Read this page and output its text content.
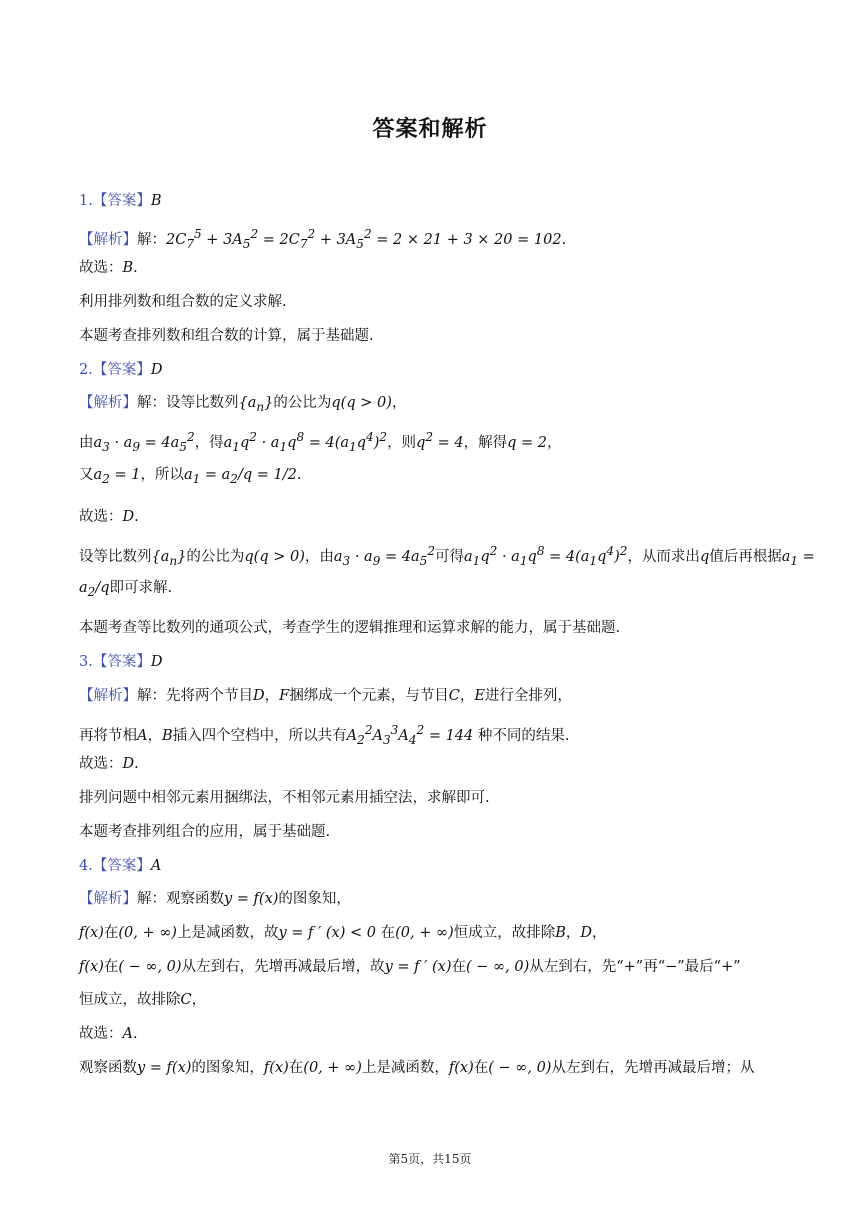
答案和解析
1.【答案】B
【解析】解：$2C_7^5 + 3A_5^2 = 2C_7^2 + 3A_5^2 = 2 \times 21 + 3 \times 20 = 102$.
故选：B.
利用排列数和组合数的定义求解.
本题考查排列数和组合数的计算，属于基础题.
2.【答案】D
【解析】解：设等比数列$\{a_n\}$的公比为q(q > 0)，
由$a_3 \cdot a_9 = 4a_5^2$，得$a_1q^2 \cdot a_1q^8 = 4(a_1q^4)^2$，则$q^2 = 4$，解得q = 2，
又$a_2 = 1$，所以$a_1 = a_2/q = 1/2$.
故选：D.
设等比数列$\{a_n\}$的公比为q(q > 0)，由$a_3 \cdot a_9 = 4a_5^2$可得$a_1q^2 \cdot a_1q^8 = 4(a_1q^4)^2$，从而求出q值后再根据$a_1$ =
$a_2/q$即可求解.
本题考查等比数列的通项公式，考查学生的逻辑推理和运算求解的能力，属于基础题.
3.【答案】D
【解析】解：先将两个节目D，F捆绑成一个元素，与节目C，E进行全排列，
再将节相A，B插入四个空档中，所以共有$A_2^2A_3^3A_4^2 = 144$ 种不同的结果.
故选：D.
排列问题中相邻元素用捆绑法，不相邻元素用插空法，求解即可.
本题考查排列组合的应用，属于基础题.
4.【答案】A
【解析】解：观察函数y = f(x)的图象知，
f(x)在(0, + ∞)上是减函数，故y = f ′ (x) < 0 在(0, + ∞)恒成立，故排除B，D，
f(x)在( − ∞, 0)从左到右，先增再减最后增，故y = f ′ (x)在( − ∞, 0)从左到右，先“+”再“−”最后“+”
恒成立，故排除C，
故选：A.
观察函数y = f(x)的图象知，f(x)在(0, + ∞)上是减函数，f(x)在( − ∞, 0)从左到右，先增再减最后增；从
第5页，共15页
